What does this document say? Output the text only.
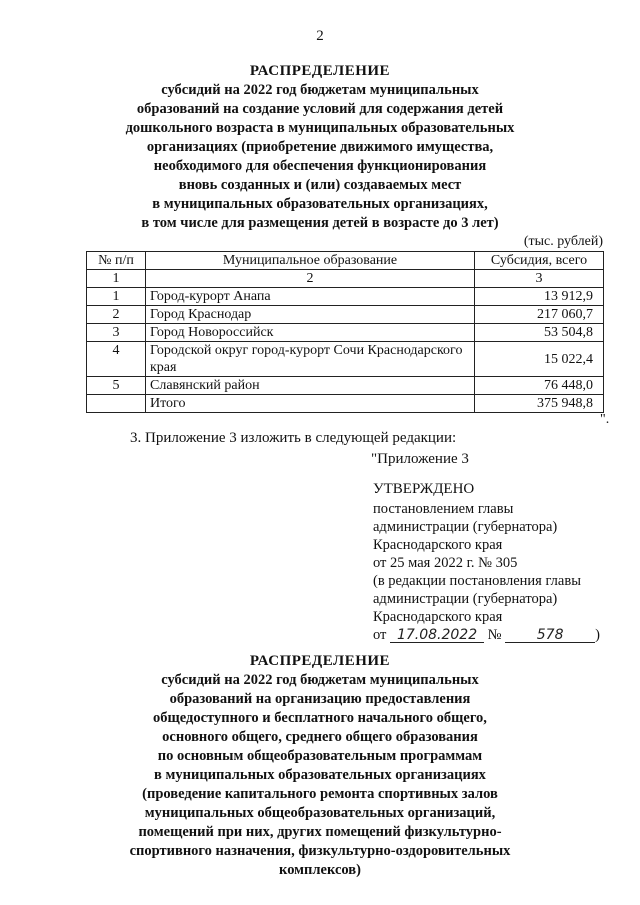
2
РАСПРЕДЕЛЕНИЕ
субсидий на 2022 год бюджетам муниципальных
образований на создание условий для содержания детей
дошкольного возраста в муниципальных образовательных
организациях (приобретение движимого имущества,
необходимого для обеспечения функционирования
вновь созданных и (или) создаваемых мест
в муниципальных образовательных организациях,
в том числе для размещения детей в возрасте до 3 лет)
(тыс. рублей)
№ п/п	Муниципальное образование	Субсидия, всего
1	2	3
1	Город-курорт Анапа	13 912,9
2	Город Краснодар	217 060,7
3	Город Новороссийск	53 504,8
4	Городской округ город-курорт Сочи Краснодарского края	15 022,4
5	Славянский район	76 448,0
	Итого	375 948,8
".
3. Приложение 3 изложить в следующей редакции:
"Приложение 3
УТВЕРЖДЕНО
постановлением главы
администрации (губернатора)
Краснодарского края
от 25 мая 2022 г. № 305
(в редакции постановления главы
администрации (губернатора)
Краснодарского края
от 17.08.2022 №	578 )
РАСПРЕДЕЛЕНИЕ
субсидий на 2022 год бюджетам муниципальных
образований на организацию предоставления
общедоступного и бесплатного начального общего,
основного общего, среднего общего образования
по основным общеобразовательным программам
в муниципальных образовательных организациях
(проведение капитального ремонта спортивных залов
муниципальных общеобразовательных организаций,
помещений при них, других помещений физкультурно-
спортивного назначения, физкультурно-оздоровительных
комплексов)
